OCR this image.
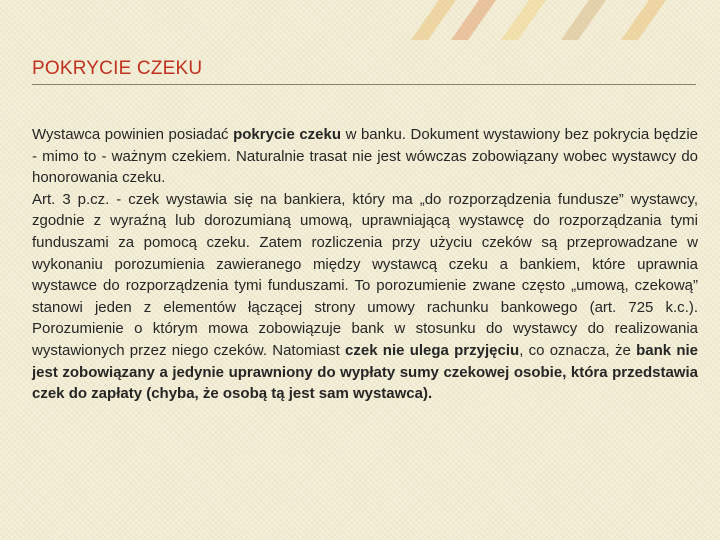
POKRYCIE CZEKU

Wystawca powinien posiadać pokrycie czeku w banku. Dokument wystawiony bez pokrycia będzie - mimo to - ważnym czekiem. Naturalnie trasat nie jest wówczas zobowiązany wobec wystawcy do honorowania czeku.

Art. 3 p.cz. - czek wystawia się na bankiera, który ma „do rozporządzenia fundusze” wystawcy, zgodnie z wyraźną lub dorozumianą umową, uprawniającą wystawcę do rozporządzania tymi funduszami za pomocą czeku. Zatem rozliczenia przy użyciu czeków są przeprowadzane w wykonaniu porozumienia zawieranego między wystawcą czeku a bankiem, które uprawnia wystawce do rozporządzenia tymi funduszami. To porozumienie zwane często „umową, czekową” stanowi jeden z elementów łączącej strony umowy rachunku bankowego (art. 725 k.c.). Porozumienie o którym mowa zobowiązuje bank w stosunku do wystawcy do realizowania wystawionych przez niego czeków. Natomiast czek nie ulega przyjęciu, co oznacza, że bank nie jest zobowiązany a jedynie uprawniony do wypłaty sumy czekowej osobie, która przedstawia czek do zapłaty (chyba, że osobą tą jest sam wystawca).
